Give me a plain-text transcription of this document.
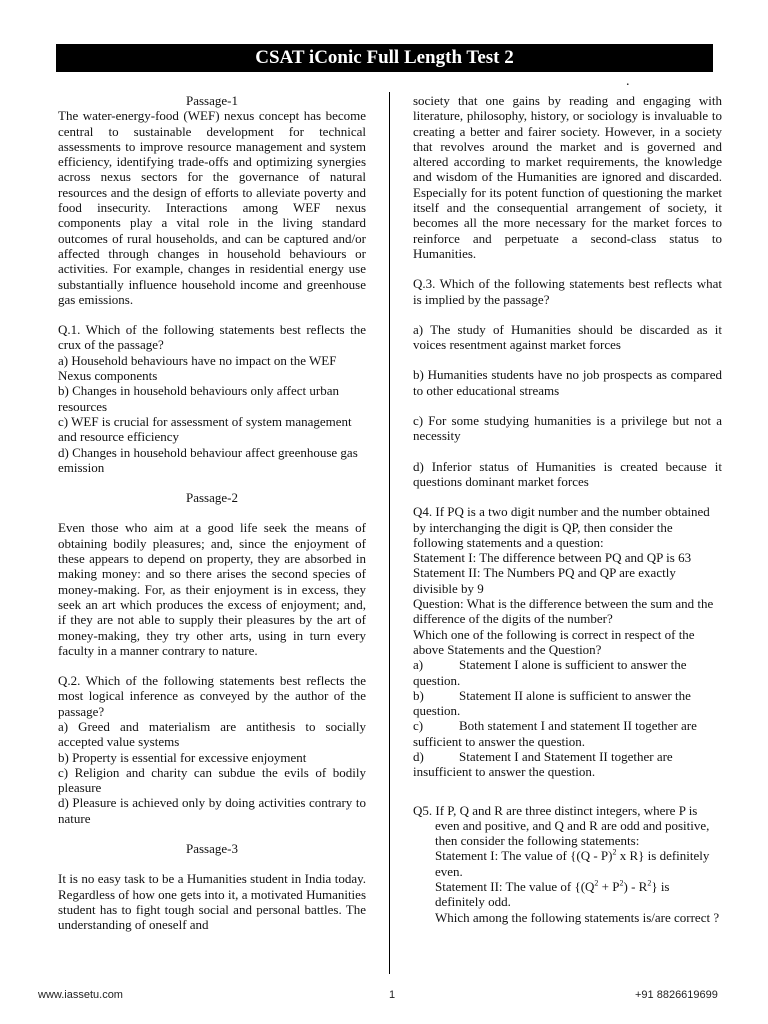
CSAT iConic Full Length Test 2
.

Passage-1

The water-energy-food (WEF) nexus concept has become central to sustainable development for technical assessments to improve resource management and system efficiency, identifying trade-offs and optimizing synergies across nexus sectors for the governance of natural resources and the design of efforts to alleviate poverty and food insecurity. Interactions among WEF nexus components play a vital role in the living standard outcomes of rural households, and can be captured and/or affected through changes in household behaviours or activities. For example, changes in residential energy use substantially influence household income and greenhouse gas emissions.

Q.1. Which of the following statements best reflects the crux of the passage?

a) Household behaviours have no impact on the WEF Nexus components

b) Changes in household behaviours only affect urban resources

c) WEF is crucial for assessment of system management and resource efficiency

d) Changes in household behaviour affect greenhouse gas emission

Passage-2

Even those who aim at a good life seek the means of obtaining bodily pleasures; and, since the enjoyment of these appears to depend on property, they are absorbed in making money: and so there arises the second species of money-making. For, as their enjoyment is in excess, they seek an art which produces the excess of enjoyment; and, if they are not able to supply their pleasures by the art of money-making, they try other arts, using in turn every faculty in a manner contrary to nature.

Q.2. Which of the following statements best reflects the most logical inference as conveyed by the author of the passage?

a) Greed and materialism are antithesis to socially accepted value systems

b) Property is essential for excessive enjoyment

c) Religion and charity can subdue the evils of bodily pleasure

d) Pleasure is achieved only by doing activities contrary to nature

Passage-3

It is no easy task to be a Humanities student in India today. Regardless of how one gets into it, a motivated Humanities student has to fight tough social and personal battles. The understanding of oneself and

society that one gains by reading and engaging with literature, philosophy, history, or sociology is invaluable to creating a better and fairer society. However, in a society that revolves around the market and is governed and altered according to market requirements, the knowledge and wisdom of the Humanities are ignored and discarded. Especially for its potent function of questioning the market itself and the consequential arrangement of society, it becomes all the more necessary for the market forces to reinforce and perpetuate a second-class status to Humanities.

Q.3. Which of the following statements best reflects what is implied by the passage?

a) The study of Humanities should be discarded as it voices resentment against market forces

b) Humanities students have no job prospects as compared to other educational streams

c) For some studying humanities is a privilege but not a necessity

d) Inferior status of Humanities is created because it questions dominant market forces

Q4. If PQ is a two digit number and the number obtained by interchanging the digit is QP, then consider the following statements and a question:

Statement I: The difference between PQ and QP is 63

Statement II: The Numbers PQ and QP are exactly divisible by 9

Question: What is the difference between the sum and the difference of the digits of the number?

Which one of the following is correct in respect of the above Statements and the Question?

a)	Statement I alone is sufficient to answer the

question.

b)	Statement II alone is sufficient to answer the

question.

c)	Both statement I and statement II together are

sufficient to answer the question.

d)	Statement I and Statement II together are

insufficient to answer the question.

Q5. If P, Q and R are three distinct integers, where P is even and positive, and Q and R are odd and positive, then consider the following statements:

Statement I: The value of {(Q - P)$^2$ x R} is definitely even.

Statement II: The value of $\{(Q^2 + P^2) - R^2\}$ is definitely odd.

Which among the following statements is/are correct ?

www.iassetu.com	1	+91 8826619699
